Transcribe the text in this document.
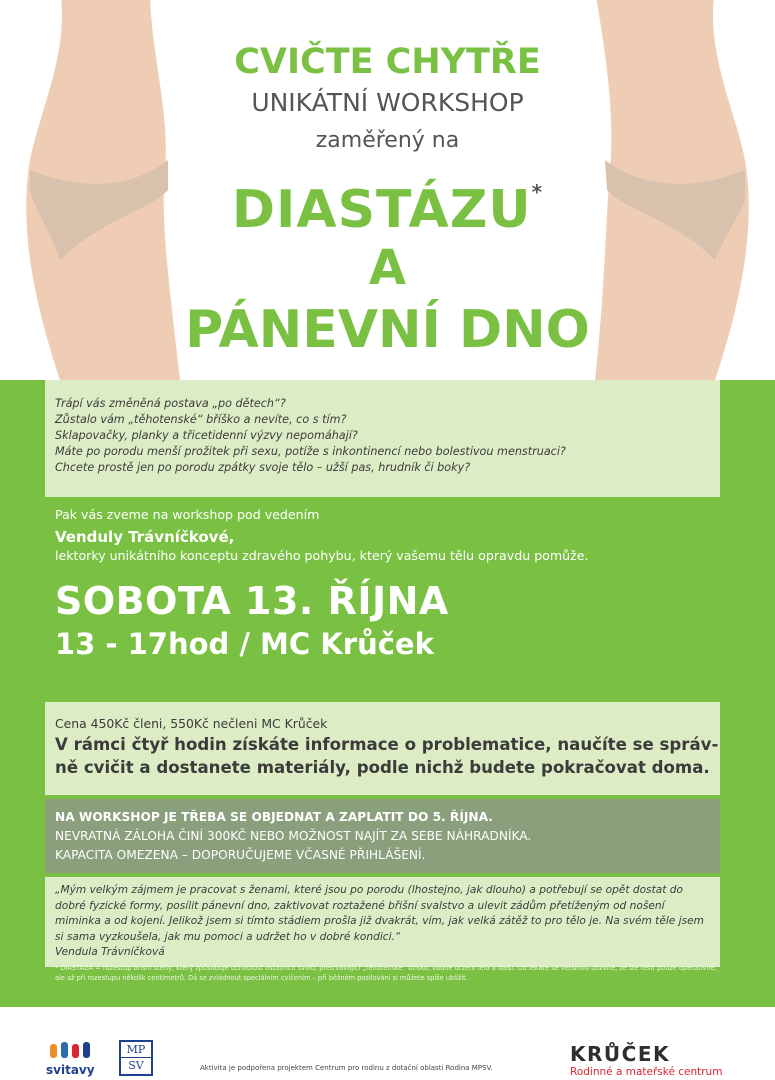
CVIČTE CHYTŘE
UNIKÁTNÍ WORKSHOP
zaměřený na
DIASTÁZU*
A
PÁNEVNÍ DNO

Trápí vás změněná postava „po dětech“?

Zůstalo vám „těhotenské“ bříško a nevíte, co s tím?

Sklapovačky, planky a třicetidenní výzvy nepomáhají?

Máte po porodu menší prožitek při sexu, potíže s inkontinencí nebo bolestivou menstruaci?

Chcete prostě jen po porodu zpátky svoje tělo – užší pas, hrudník či boky?

Pak vás zveme na workshop pod vedením
Venduly Trávníčkové,
lektorky unikátního konceptu zdravého pohybu, který vašemu tělu opravdu pomůže.
SOBOTA 13. ŘÍJNA
13 - 17hod / MC Krůček
Cena 450Kč členi, 550Kč nečleni MC Krůček
V rámci čtyř hodin získáte informace o problematice, naučíte se správ-
ně cvičit a dostanete materiály, podle nichž budete pokračovat doma.
NA WORKSHOP JE TŘEBA SE OBJEDNAT A ZAPLATIT DO 5. ŘÍJNA.
NEVRATNÁ ZÁLOHA ČINÍ 300KČ NEBO MOŽNOST NAJÍT ZA SEBE NÁHRADNÍKA.
KAPACITA OMEZENA – DOPORUČUJEME VČASNÉ PŘIHLÁŠENÍ.
„Mým velkým zájmem je pracovat s ženami, které jsou po porodu (lhostejno, jak dlouho) a potřebují se opět dostat do dobré fyzické formy, posílit pánevní dno, zaktivovat roztažené břišní svalstvo a ulevit zádům přetíženým od nošení miminka a od kojení. Jelikož jsem si tímto stádiem prošla již dvakrát, vím, jak velká zátěž to pro tělo je. Na svém těle jsem si sama vyzkoušela, jak mu pomoci a udržet ho v dobré kondici.“
Vendula Trávníčková
* DIASTÁZA = rozestup břišní stěny, který způsobuje uchablost ostatních svalů, přetrvávající „těhotenské“ bříško, vadné držení těla a další. Od lékaře se většinou dozvíte, že lze řešit pouze operativně, ale až při rozestupu několik centimetrů. Dá se zvládnout speciálním cvičením – při běžném posilování si můžete spíše ublížit.
svitavy
MP
SV	Aktivita je podpořena projektem Centrum pro rodinu z dotační oblasti Rodina MPSV.
KRŮČEK
Rodinné a mateřské centrum
